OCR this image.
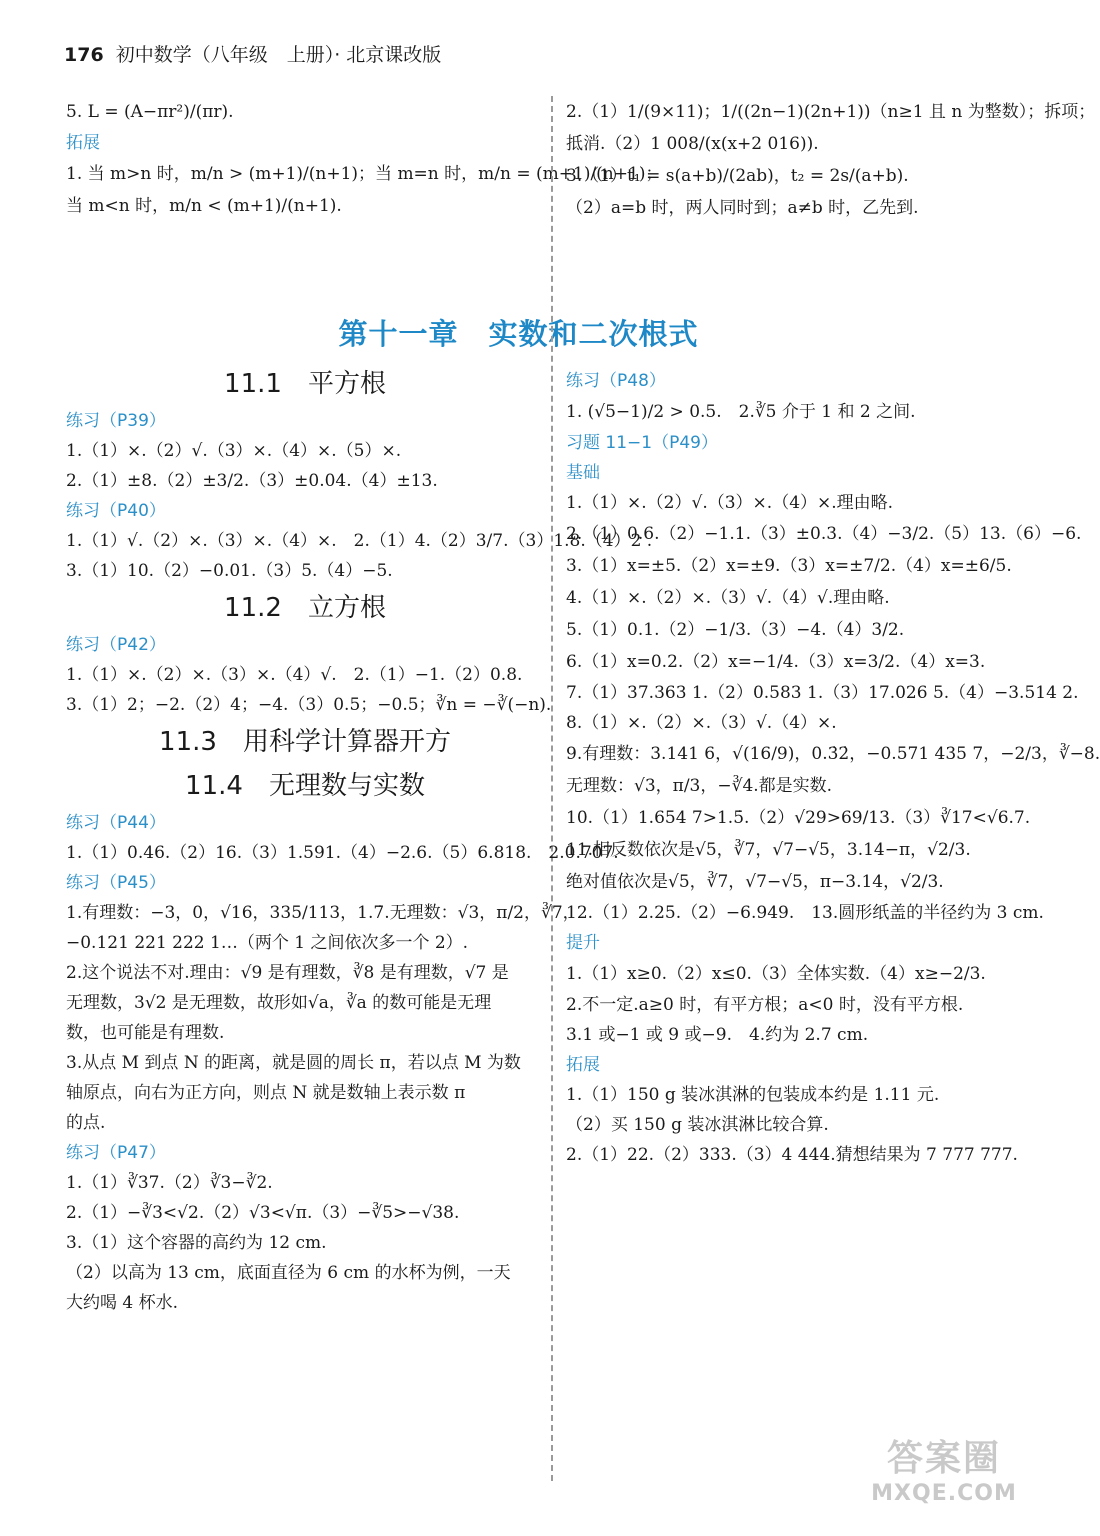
176 初中数学（八年级　上册）· 北京课改版
5. L = (A−πr²)/(πr).
拓展
1. 当 m>n 时，m/n > (m+1)/(n+1)；当 m=n 时，m/n = (m+1)/(n+1)；
当 m<n 时，m/n < (m+1)/(n+1).
2.（1）1/(9×11)；1/((2n−1)(2n+1))（n≥1 且 n 为整数）；拆项；
抵消.（2）1 008/(x(x+2 016)).
3.（1）t₁ = s(a+b)/(2ab)，t₂ = 2s/(a+b).
（2）a=b 时，两人同时到；a≠b 时，乙先到.
第十一章　实数和二次根式
11.1　平方根
练习（P39）
1.（1）×.（2）√.（3）×.（4）×.（5）×.
2.（1）±8.（2）±3/2.（3）±0.04.（4）±13.
练习（P40）
1.（1）√.（2）×.（3）×.（4）×.　2.（1）4.（2）3/7.（3）1.8.（4）2 .
3.（1）10.（2）−0.01.（3）5.（4）−5.
11.2　立方根
练习（P42）
1.（1）×.（2）×.（3）×.（4）√.　2.（1）−1.（2）0.8.
3.（1）2；−2.（2）4；−4.（3）0.5；−0.5；∛n = −∛(−n).
11.3　用科学计算器开方
11.4　无理数与实数
练习（P44）
1.（1）0.46.（2）16.（3）1.591.（4）−2.6.（5）6.818.　2.0.707.
练习（P45）
1.有理数：−3，0，√16，335/113，1.7̇.无理数：√3，π/2，∛7，
−0.121 221 222 1…（两个 1 之间依次多一个 2）.
2.这个说法不对.理由：√9 是有理数，∛8 是有理数，√7 是
无理数，3√2 是无理数，故形如√a，∛a 的数可能是无理
数，也可能是有理数.
3.从点 M 到点 N 的距离，就是圆的周长 π，若以点 M 为数
轴原点，向右为正方向，则点 N 就是数轴上表示数 π
的点.
练习（P47）
1.（1）∛37.（2）∛3−∛2.
2.（1）−∛3<√2.（2）√3<√π.（3）−∛5>−√38.
3.（1）这个容器的高约为 12 cm.
（2）以高为 13 cm，底面直径为 6 cm 的水杯为例，一天
大约喝 4 杯水.
练习（P48）
1. (√5−1)/2 > 0.5.　2.∛5 介于 1 和 2 之间.
习题 11−1（P49）
基础
1.（1）×.（2）√.（3）×.（4）×.理由略.
2.（1）0.6.（2）−1.1.（3）±0.3.（4）−3/2.（5）13.（6）−6.
3.（1）x=±5.（2）x=±9.（3）x=±7/2.（4）x=±6/5.
4.（1）×.（2）×.（3）√.（4）√.理由略.
5.（1）0.1.（2）−1/3.（3）−4.（4）3/2.
6.（1）x=0.2.（2）x=−1/4.（3）x=3/2.（4）x=3.
7.（1）37.363 1.（2）0.583 1.（3）17.026 5.（4）−3.514 2.
8.（1）×.（2）×.（3）√.（4）×.
9.有理数：3.141 6，√(16/9)，0.3̇2̇，−0.571 435 7，−2/3，∛−8.
无理数：√3，π/3，−∛4.都是实数.
10.（1）1.654 7>1.5̇.（2）√29>69/13.（3）∛17<√6.7.
11.相反数依次是√5，∛7，√7−√5，3.14−π，√2/3.
绝对值依次是√5，∛7，√7−√5，π−3.14，√2/3.
12.（1）2.25.（2）−6.949.　13.圆形纸盖的半径约为 3 cm.
提升
1.（1）x≥0.（2）x≤0.（3）全体实数.（4）x≥−2/3.
2.不一定.a≥0 时，有平方根；a<0 时，没有平方根.
3.1 或−1 或 9 或−9.　4.约为 2.7 cm.
拓展
1.（1）150 g 装冰淇淋的包装成本约是 1.11 元.
（2）买 150 g 装冰淇淋比较合算.
2.（1）22.（2）333.（3）4 444.猜想结果为 7 777 777.
答案圈
MXQE.COM
